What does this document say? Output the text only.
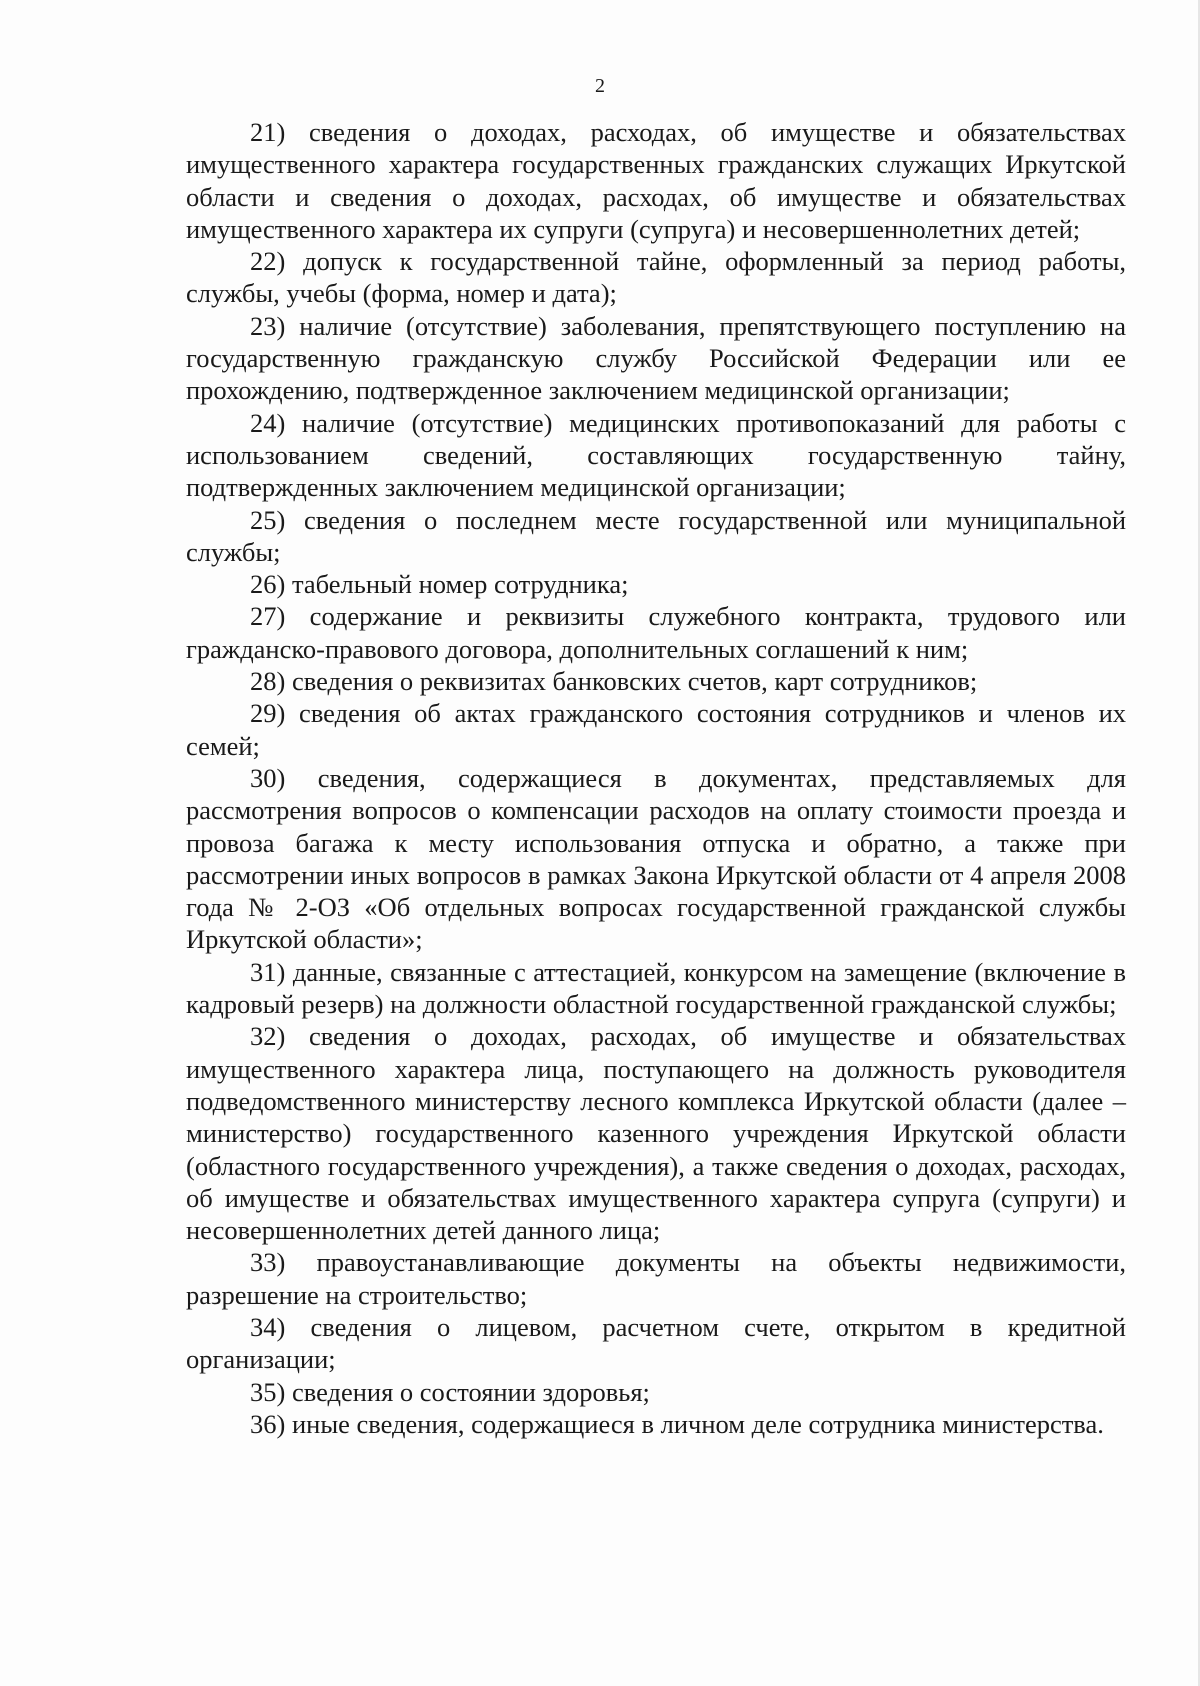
2

21) сведения о доходах, расходах, об имуществе и обязательствах имущественного характера государственных гражданских служащих Иркутской области и сведения о доходах, расходах, об имуществе и обязательствах имущественного характера их супруги (супруга) и несовершеннолетних детей;

22) допуск к государственной тайне, оформленный за период работы, службы, учебы (форма, номер и дата);

23) наличие (отсутствие) заболевания, препятствующего поступлению на государственную гражданскую службу Российской Федерации или ее прохождению, подтвержденное заключением медицинской организации;

24) наличие (отсутствие) медицинских противопоказаний для работы с использованием сведений, составляющих государственную тайну, подтвержденных заключением медицинской организации;

25) сведения о последнем месте государственной или муниципальной службы;

26) табельный номер сотрудника;

27) содержание и реквизиты служебного контракта, трудового или гражданско-правового договора, дополнительных соглашений к ним;

28) сведения о реквизитах банковских счетов, карт сотрудников;

29) сведения об актах гражданского состояния сотрудников и членов их семей;

30) сведения, содержащиеся в документах, представляемых для рассмотрения вопросов о компенсации расходов на оплату стоимости проезда и провоза багажа к месту использования отпуска и обратно, а также при рассмотрении иных вопросов в рамках Закона Иркутской области от 4 апреля 2008 года № 2-ОЗ «Об отдельных вопросах государственной гражданской службы Иркутской области»;

31) данные, связанные с аттестацией, конкурсом на замещение (включение в кадровый резерв) на должности областной государственной гражданской службы;

32) сведения о доходах, расходах, об имуществе и обязательствах имущественного характера лица, поступающего на должность руководителя подведомственного министерству лесного комплекса Иркутской области (далее – министерство) государственного казенного учреждения Иркутской области (областного государственного учреждения), а также сведения о доходах, расходах, об имуществе и обязательствах имущественного характера супруга (супруги) и несовершеннолетних детей данного лица;

33) правоустанавливающие документы на объекты недвижимости, разрешение на строительство;

34) сведения о лицевом, расчетном счете, открытом в кредитной организации;

35) сведения о состоянии здоровья;

36) иные сведения, содержащиеся в личном деле сотрудника министерства.
